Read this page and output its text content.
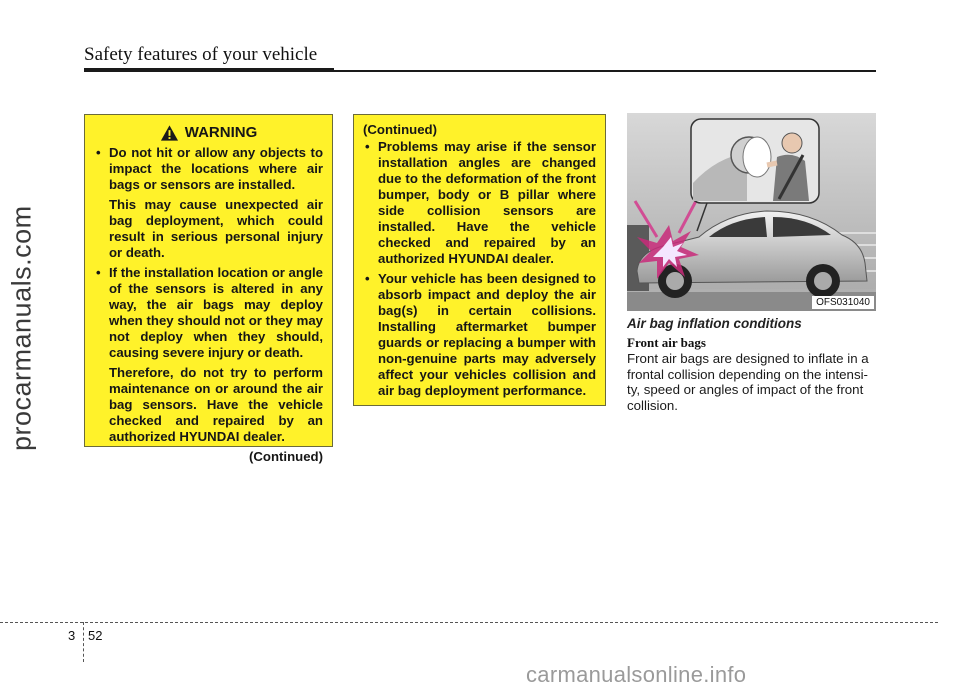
Safety features of your vehicle
procarmanuals.com
WARNING
• Do not hit or allow any objects to impact the locations where air bags or sensors are installed.
This may cause unexpected air bag deployment, which could result in serious personal injury or death.
• If the installation location or angle of the sensors is altered in any way, the air bags may deploy when they should not or they may not deploy when they should, causing severe injury or death.
Therefore, do not try to perform maintenance on or around the air bag sensors. Have the vehicle checked and repaired by an authorized HYUNDAI dealer.
(Continued)
(Continued)
• Problems may arise if the sensor installation angles are changed due to the deformation of the front bumper, body or B pillar where side collision sensors are installed. Have the vehicle checked and repaired by an authorized HYUNDAI dealer.
• Your vehicle has been designed to absorb impact and deploy the air bag(s) in certain collisions. Installing aftermarket bumper guards or replacing a bumper with non-genuine parts may adversely affect your vehicles collision and air bag deployment performance.
OFS031040
Air bag inflation conditions
Front air bags
Front air bags are designed to inflate in a frontal collision depending on the intensi-ty, speed or angles of impact of the front collision.
3 52
carmanualsonline.info
